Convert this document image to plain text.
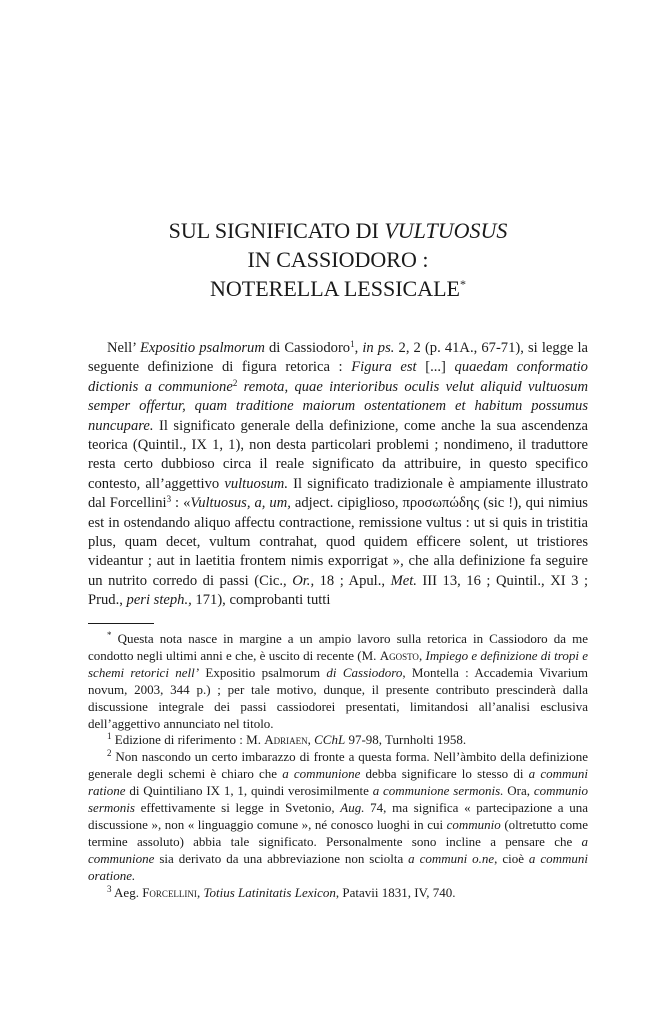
SUL SIGNIFICATO DI VULTUOSUS
IN CASSIODORO :
NOTERELLA LESSICALE*

Nell’ Expositio psalmorum di Cassiodoro$^1$, in ps. 2, 2 (p. 41A., 67-71), si legge la seguente definizione di figura retorica : Figura est [...] quaedam conformatio dictionis a communione$^2$ remota, quae interioribus oculis velut aliquid vultuosum semper offertur, quam traditione maiorum ostentationem et habitum possumus nuncupare. Il significato generale della definizione, come anche la sua ascendenza teorica (Quintil., IX 1, 1), non desta particolari problemi ; nondimeno, il traduttore resta certo dubbioso circa il reale significato da attribuire, in questo specifico contesto, all’aggettivo vultuosum. Il significato tradizionale è ampiamente illustrato dal Forcellini$^3$ : «Vultuosus, a, um, adject. cipiglioso, προσωπώδης (sic !), qui nimius est in ostendando aliquo affectu contractione, remissione vultus : ut si quis in tristitia plus, quam decet, vultum contrahat, quod quidem efficere solent, ut tristiores videantur ; aut in laetitia frontem nimis exporrigat », che alla definizione fa seguire un nutrito corredo di passi (Cic., Or., 18 ; Apul., Met. III 13, 16 ; Quintil., XI 3 ; Prud., peri steph., 171), comprobanti tutti

* Questa nota nasce in margine a un ampio lavoro sulla retorica in Cassiodoro da me condotto negli ultimi anni e che, è uscito di recente (M. Agosto, Impiego e definizione di tropi e schemi retorici nell’ Expositio psalmorum di Cassiodoro, Montella : Accademia Vivarium novum, 2003, 344 p.) ; per tale motivo, dunque, il presente contributo prescinderà dalla discussione integrale dei passi cassiodorei presentati, limitandosi all’analisi esclusiva dell’aggettivo annunciato nel titolo.

$^1$ Edizione di riferimento : M. Adriaen, CChL 97-98, Turnholti 1958.

$^2$ Non nascondo un certo imbarazzo di fronte a questa forma. Nell’àmbito della definizione generale degli schemi è chiaro che a communione debba significare lo stesso di a communi ratione di Quintiliano IX 1, 1, quindi verosimilmente a communione sermonis. Ora, communio sermonis effettivamente si legge in Svetonio, Aug. 74, ma significa « partecipazione a una discussione », non « linguaggio comune », né conosco luoghi in cui communio (oltretutto come termine assoluto) abbia tale significato. Personalmente sono incline a pensare che a communione sia derivato da una abbreviazione non sciolta a communi o.ne, cioè a communi oratione.

$^3$ Aeg. Forcellini, Totius Latinitatis Lexicon, Patavii 1831, IV, 740.
